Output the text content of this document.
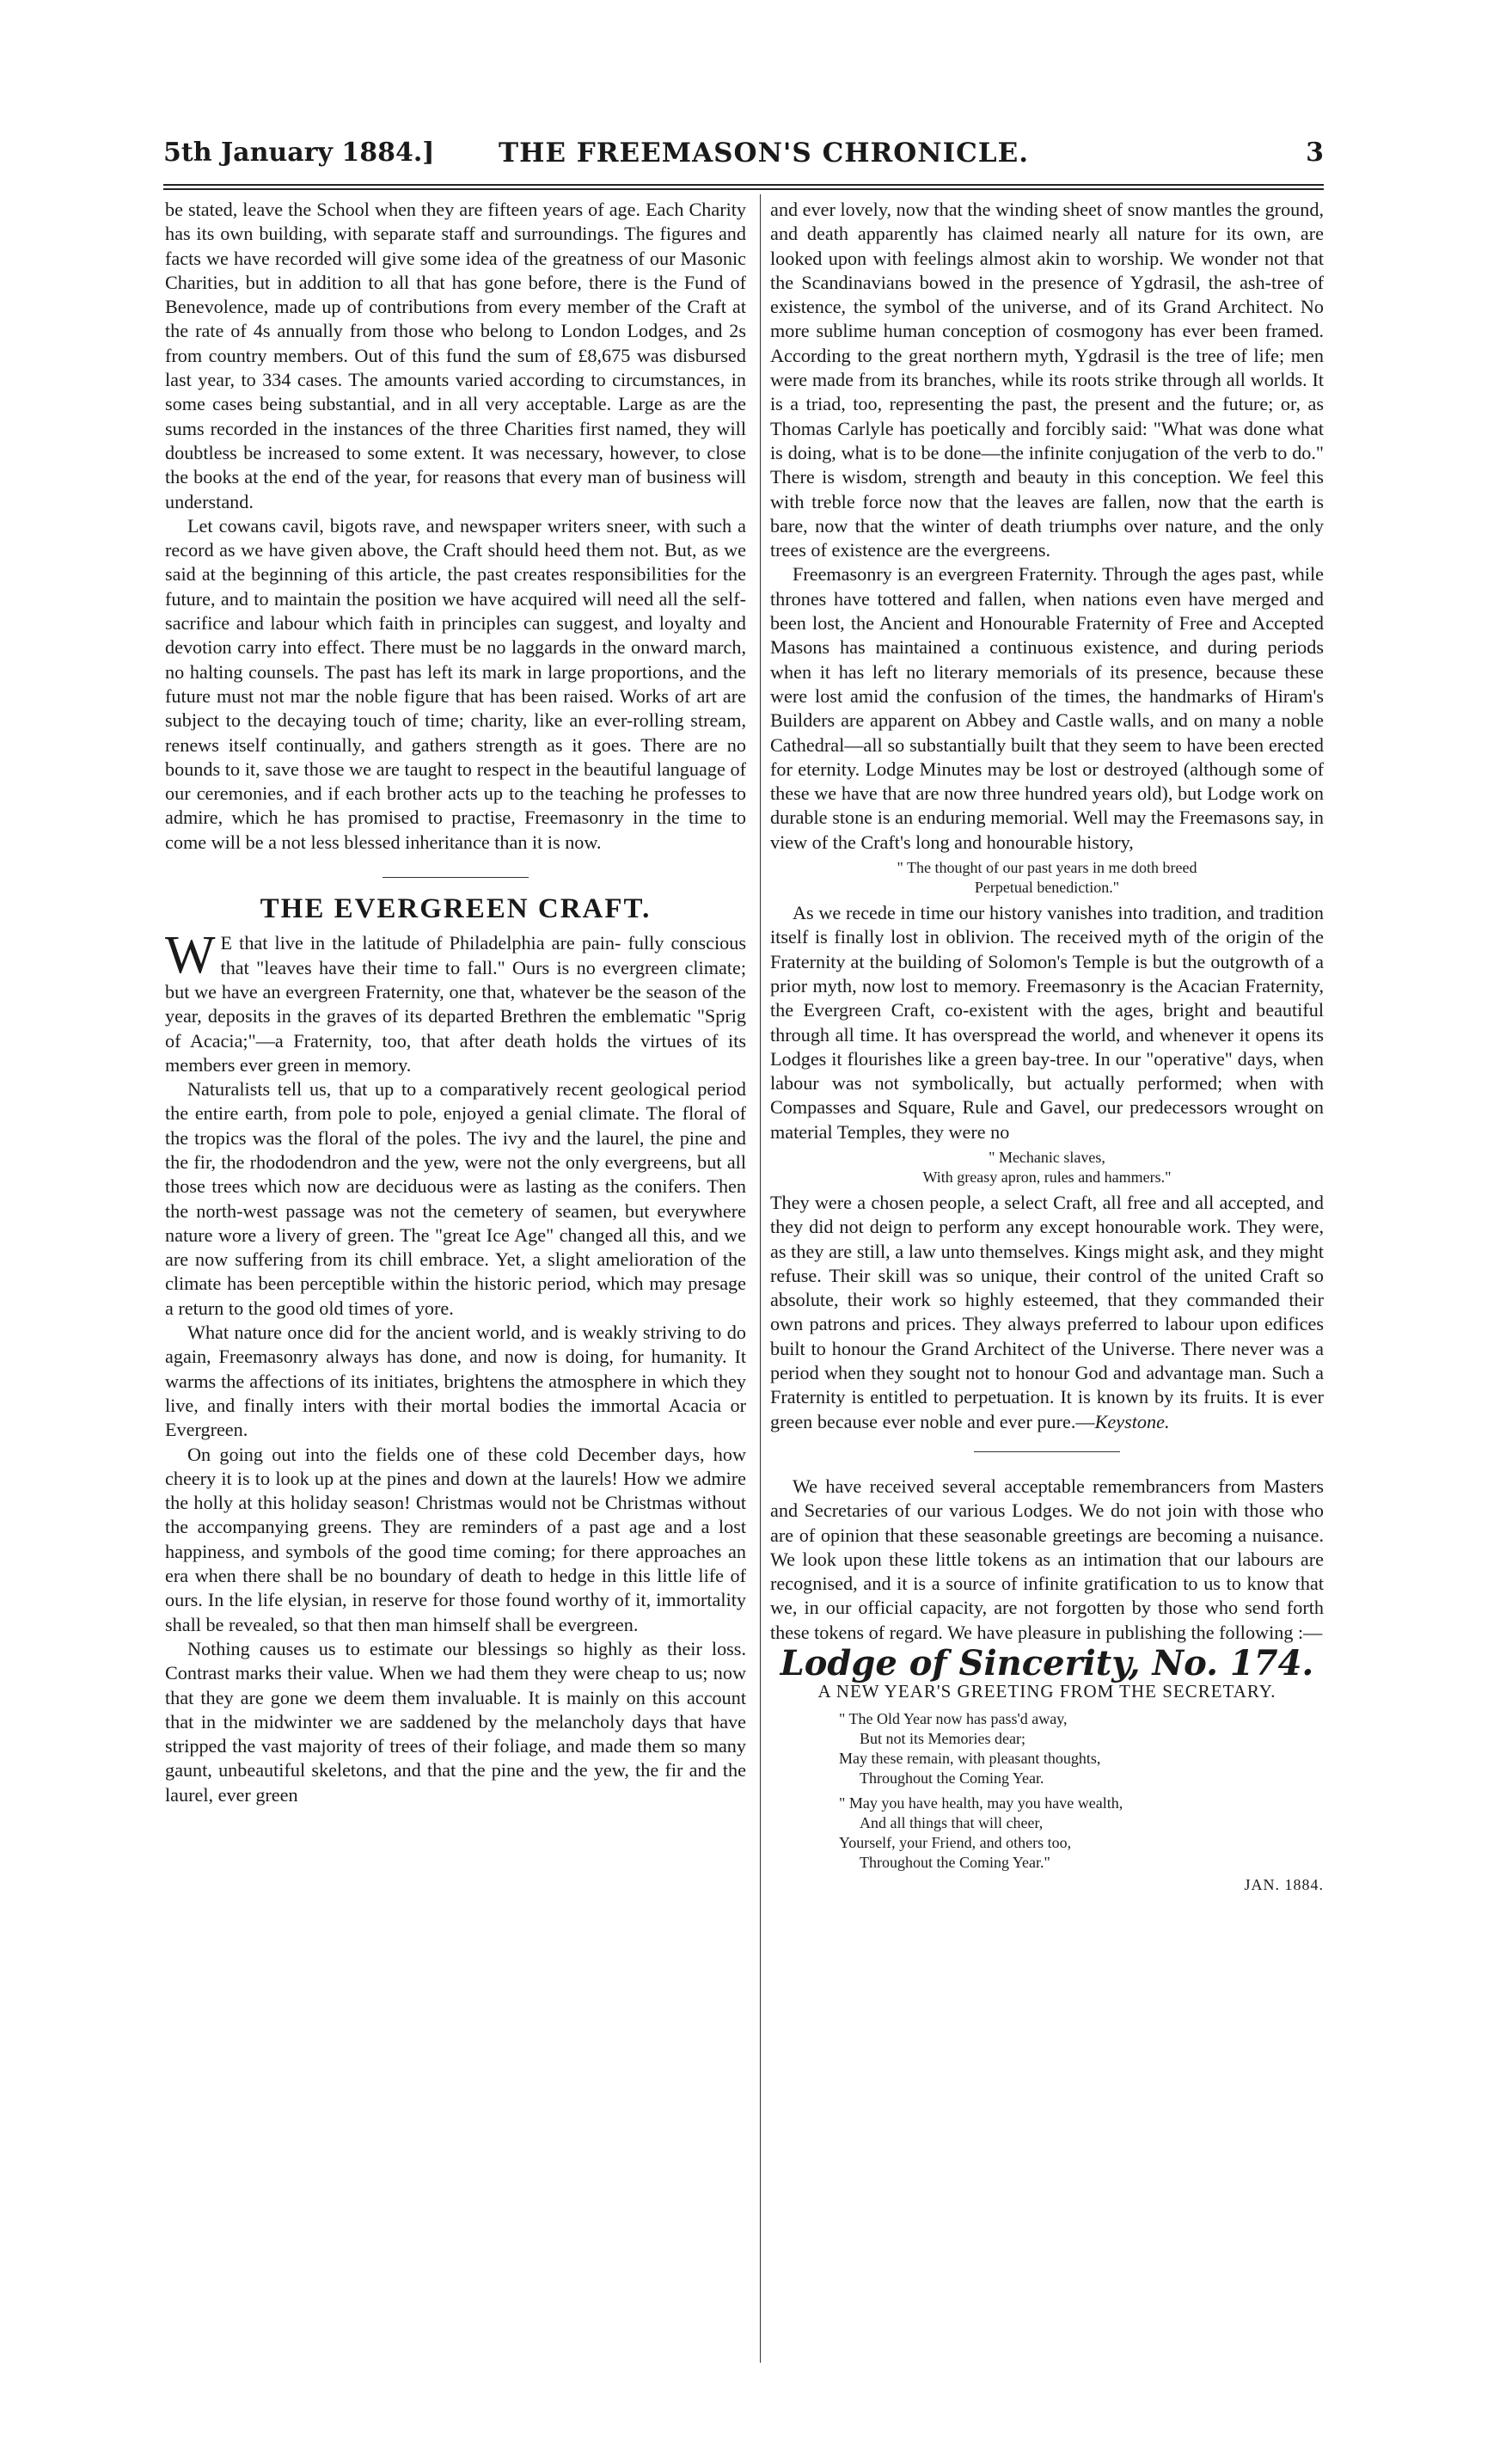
5th January 1884.] THE FREEMASON'S CHRONICLE.	3

be stated, leave the School when they are fifteen years of age. Each Charity has its own building, with separate staff and surroundings. The figures and facts we have recorded will give some idea of the greatness of our Masonic Charities, but in addition to all that has gone before, there is the Fund of Benevolence, made up of contributions from every member of the Craft at the rate of 4s annually from those who belong to London Lodges, and 2s from country members. Out of this fund the sum of £8,675 was disbursed last year, to 334 cases. The amounts varied according to circumstances, in some cases being substantial, and in all very acceptable. Large as are the sums recorded in the instances of the three Charities first named, they will doubtless be increased to some extent. It was necessary, however, to close the books at the end of the year, for reasons that every man of business will understand.

Let cowans cavil, bigots rave, and newspaper writers sneer, with such a record as we have given above, the Craft should heed them not. But, as we said at the beginning of this article, the past creates responsibilities for the future, and to maintain the position we have acquired will need all the self-sacrifice and labour which faith in principles can suggest, and loyalty and devotion carry into effect. There must be no laggards in the onward march, no halting counsels. The past has left its mark in large proportions, and the future must not mar the noble figure that has been raised. Works of art are subject to the decaying touch of time; charity, like an ever-rolling stream, renews itself continually, and gathers strength as it goes. There are no bounds to it, save those we are taught to respect in the beautiful language of our ceremonies, and if each brother acts up to the teaching he professes to admire, which he has promised to practise, Freemasonry in the time to come will be a not less blessed inheritance than it is now.

THE EVERGREEN CRAFT.

W E that live in the latitude of Philadelphia are pain- fully conscious that "leaves have their time to fall." Ours is no evergreen climate; but we have an evergreen Fraternity, one that, whatever be the season of the year, deposits in the graves of its departed Brethren the emblematic "Sprig of Acacia;"—a Fraternity, too, that after death holds the virtues of its members ever green in memory.

Naturalists tell us, that up to a comparatively recent geological period the entire earth, from pole to pole, enjoyed a genial climate. The floral of the tropics was the floral of the poles. The ivy and the laurel, the pine and the fir, the rhododendron and the yew, were not the only evergreens, but all those trees which now are deciduous were as lasting as the conifers. Then the north-west passage was not the cemetery of seamen, but everywhere nature wore a livery of green. The "great Ice Age" changed all this, and we are now suffering from its chill embrace. Yet, a slight amelioration of the climate has been perceptible within the historic period, which may presage a return to the good old times of yore.

What nature once did for the ancient world, and is weakly striving to do again, Freemasonry always has done, and now is doing, for humanity. It warms the affections of its initiates, brightens the atmosphere in which they live, and finally inters with their mortal bodies the immortal Acacia or Evergreen.

On going out into the fields one of these cold December days, how cheery it is to look up at the pines and down at the laurels! How we admire the holly at this holiday season! Christmas would not be Christmas without the accompanying greens. They are reminders of a past age and a lost happiness, and symbols of the good time coming; for there approaches an era when there shall be no boundary of death to hedge in this little life of ours. In the life elysian, in reserve for those found worthy of it, immortality shall be revealed, so that then man himself shall be evergreen.

Nothing causes us to estimate our blessings so highly as their loss. Contrast marks their value. When we had them they were cheap to us; now that they are gone we deem them invaluable. It is mainly on this account that in the midwinter we are saddened by the melancholy days that have stripped the vast majority of trees of their foliage, and made them so many gaunt, unbeautiful skeletons, and that the pine and the yew, the fir and the laurel, ever green

and ever lovely, now that the winding sheet of snow mantles the ground, and death apparently has claimed nearly all nature for its own, are looked upon with feelings almost akin to worship. We wonder not that the Scandinavians bowed in the presence of Ygdrasil, the ash-tree of existence, the symbol of the universe, and of its Grand Architect. No more sublime human conception of cosmogony has ever been framed. According to the great northern myth, Ygdrasil is the tree of life; men were made from its branches, while its roots strike through all worlds. It is a triad, too, representing the past, the present and the future; or, as Thomas Carlyle has poetically and forcibly said: "What was done what is doing, what is to be done—the infinite conjugation of the verb to do." There is wisdom, strength and beauty in this conception. We feel this with treble force now that the leaves are fallen, now that the earth is bare, now that the winter of death triumphs over nature, and the only trees of existence are the evergreens.

Freemasonry is an evergreen Fraternity. Through the ages past, while thrones have tottered and fallen, when nations even have merged and been lost, the Ancient and Honourable Fraternity of Free and Accepted Masons has maintained a continuous existence, and during periods when it has left no literary memorials of its presence, because these were lost amid the confusion of the times, the handmarks of Hiram's Builders are apparent on Abbey and Castle walls, and on many a noble Cathedral—all so substantially built that they seem to have been erected for eternity. Lodge Minutes may be lost or destroyed (although some of these we have that are now three hundred years old), but Lodge work on durable stone is an enduring memorial. Well may the Freemasons say, in view of the Craft's long and honourable history,

" The thought of our past years in me doth breed
Perpetual benediction."

As we recede in time our history vanishes into tradition, and tradition itself is finally lost in oblivion. The received myth of the origin of the Fraternity at the building of Solomon's Temple is but the outgrowth of a prior myth, now lost to memory. Freemasonry is the Acacian Fraternity, the Evergreen Craft, co-existent with the ages, bright and beautiful through all time. It has overspread the world, and whenever it opens its Lodges it flourishes like a green bay-tree. In our "operative" days, when labour was not symbolically, but actually performed; when with Compasses and Square, Rule and Gavel, our predecessors wrought on material Temples, they were no

" Mechanic slaves,
With greasy apron, rules and hammers."

They were a chosen people, a select Craft, all free and all accepted, and they did not deign to perform any except honourable work. They were, as they are still, a law unto themselves. Kings might ask, and they might refuse. Their skill was so unique, their control of the united Craft so absolute, their work so highly esteemed, that they commanded their own patrons and prices. They always preferred to labour upon edifices built to honour the Grand Architect of the Universe. There never was a period when they sought not to honour God and advantage man. Such a Fraternity is entitled to perpetuation. It is known by its fruits. It is ever green because ever noble and ever pure.—Keystone.

We have received several acceptable remembrancers from Masters and Secretaries of our various Lodges. We do not join with those who are of opinion that these seasonable greetings are becoming a nuisance. We look upon these little tokens as an intimation that our labours are recognised, and it is a source of infinite gratification to us to know that we, in our official capacity, are not forgotten by those who send forth these tokens of regard. We have pleasure in publishing the following :—

Lodge of Sincerity, No. 174.
A NEW YEAR'S GREETING FROM THE SECRETARY.
" The Old Year now has pass'd away,
But not its Memories dear;
May these remain, with pleasant thoughts,
Throughout the Coming Year.
" May you have health, may you have wealth,
And all things that will cheer,
Yourself, your Friend, and others too,
Throughout the Coming Year."
JAN. 1884.
